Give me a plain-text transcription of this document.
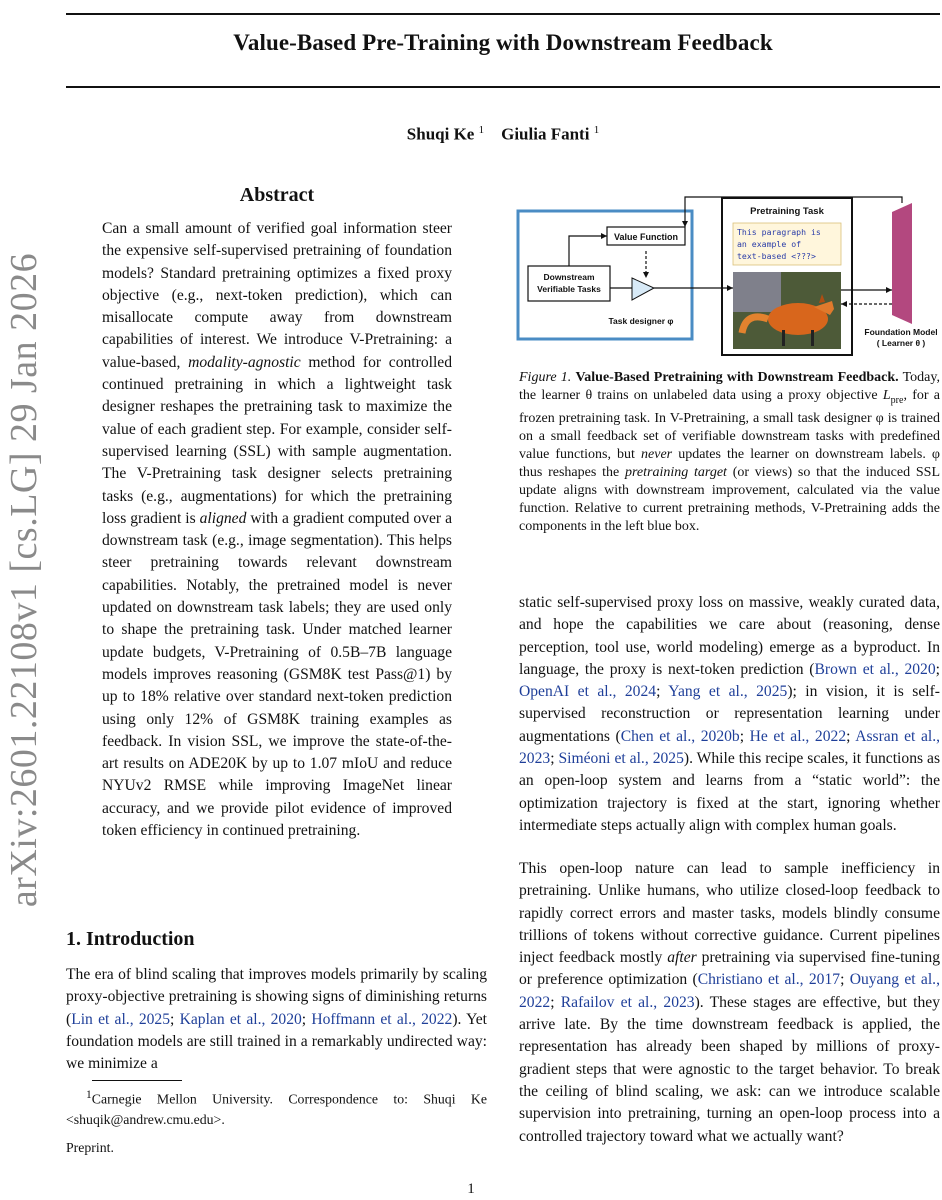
Value-Based Pre-Training with Downstream Feedback
Shuqi Ke $^1$ Giulia Fanti $^1$
arXiv:2601.22108v1 [cs.LG] 29 Jan 2026
Abstract
Can a small amount of verified goal information steer the expensive self-supervised pretraining of foundation models? Standard pretraining optimizes a fixed proxy objective (e.g., next-token prediction), which can misallocate compute away from downstream capabilities of interest. We introduce V-Pretraining: a value-based, modality-agnostic method for controlled continued pretraining in which a lightweight task designer reshapes the pretraining task to maximize the value of each gradient step. For example, consider self-supervised learning (SSL) with sample augmentation. The V-Pretraining task designer selects pretraining tasks (e.g., augmentations) for which the pretraining loss gradient is aligned with a gradient computed over a downstream task (e.g., image segmentation). This helps steer pretraining towards relevant downstream capabilities. Notably, the pretrained model is never updated on downstream task labels; they are used only to shape the pretraining task. Under matched learner update budgets, V-Pretraining of 0.5B–7B language models improves reasoning (GSM8K test Pass@1) by up to 18% relative over standard next-token prediction using only 12% of GSM8K training examples as feedback. In vision SSL, we improve the state-of-the-art results on ADE20K by up to 1.07 mIoU and reduce NYUv2 RMSE while improving ImageNet linear accuracy, and we provide pilot evidence of improved token efficiency in continued pretraining.
1. Introduction
The era of blind scaling that improves models primarily by scaling proxy-objective pretraining is showing signs of diminishing returns (Lin et al., 2025; Kaplan et al., 2020; Hoffmann et al., 2022). Yet foundation models are still trained in a remarkably undirected way: we minimize a
$^1$Carnegie Mellon University. Correspondence to: Shuqi Ke <shuqik@andrew.cmu.edu>.
Preprint.
1
Pretraining Task
This paragraph is
an example of
text-based <???>
Value Function
Downstream
Verifiable Tasks
Task designer φ
Foundation Model
( Learner θ )
Figure 1. Value-Based Pretraining with Downstream Feedback. Today, the learner θ trains on unlabeled data using a proxy objective $L_{pre}$, for a frozen pretraining task. In V-Pretraining, a small task designer φ is trained on a small feedback set of verifiable downstream tasks with predefined value functions, but never updates the learner on downstream labels. φ thus reshapes the pretraining target (or views) so that the induced SSL update aligns with downstream improvement, calculated via the value function. Relative to current pretraining methods, V-Pretraining adds the components in the left blue box.
static self-supervised proxy loss on massive, weakly curated data, and hope the capabilities we care about (reasoning, dense perception, tool use, world modeling) emerge as a byproduct. In language, the proxy is next-token prediction (Brown et al., 2020; OpenAI et al., 2024; Yang et al., 2025); in vision, it is self-supervised reconstruction or representation learning under augmentations (Chen et al., 2020b; He et al., 2022; Assran et al., 2023; Siméoni et al., 2025). While this recipe scales, it functions as an open-loop system and learns from a “static world”: the optimization trajectory is fixed at the start, ignoring whether intermediate steps actually align with complex human goals.
This open-loop nature can lead to sample inefficiency in pretraining. Unlike humans, who utilize closed-loop feedback to rapidly correct errors and master tasks, models blindly consume trillions of tokens without corrective guidance. Current pipelines inject feedback mostly after pretraining via supervised fine-tuning or preference optimization (Christiano et al., 2017; Ouyang et al., 2022; Rafailov et al., 2023). These stages are effective, but they arrive late. By the time downstream feedback is applied, the representation has already been shaped by millions of proxy-gradient steps that were agnostic to the target behavior. To break the ceiling of blind scaling, we ask: can we introduce scalable supervision into pretraining, turning an open-loop process into a controlled trajectory toward what we actually want?
